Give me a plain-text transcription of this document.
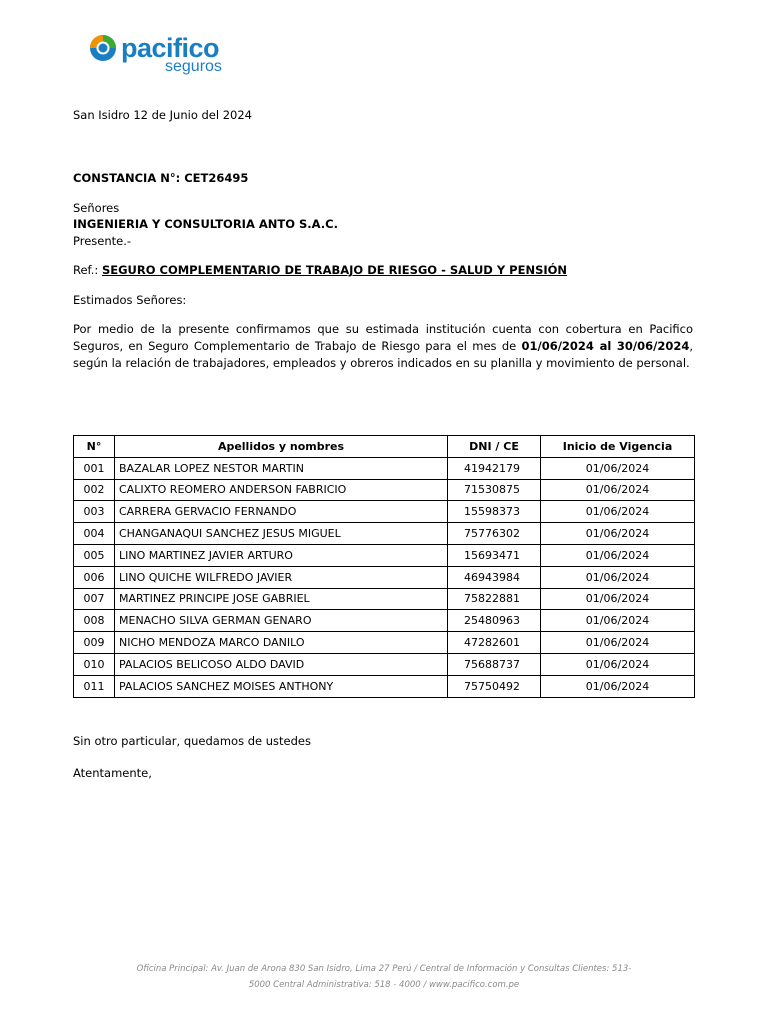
pacifico
seguros
San Isidro 12 de Junio del 2024
CONSTANCIA N°: CET26495
Señores
INGENIERIA Y CONSULTORIA ANTO S.A.C.
Presente.-
Ref.: SEGURO COMPLEMENTARIO DE TRABAJO DE RIESGO - SALUD Y PENSIÓN
Estimados Señores:
Por medio de la presente confirmamos que su estimada institución cuenta con cobertura en Pacifico Seguros, en Seguro Complementario de Trabajo de Riesgo para el mes de 01/06/2024 al 30/06/2024, según la relación de trabajadores, empleados y obreros indicados en su planilla y movimiento de personal.
N°	Apellidos y nombres	DNI / CE	Inicio de Vigencia
001	BAZALAR LOPEZ NESTOR MARTIN	41942179	01/06/2024
002	CALIXTO REOMERO ANDERSON FABRICIO	71530875	01/06/2024
003	CARRERA GERVACIO FERNANDO	15598373	01/06/2024
004	CHANGANAQUI SANCHEZ JESUS MIGUEL	75776302	01/06/2024
005	LINO MARTINEZ JAVIER ARTURO	15693471	01/06/2024
006	LINO QUICHE WILFREDO JAVIER	46943984	01/06/2024
007	MARTINEZ PRINCIPE JOSE GABRIEL	75822881	01/06/2024
008	MENACHO SILVA GERMAN GENARO	25480963	01/06/2024
009	NICHO MENDOZA MARCO DANILO	47282601	01/06/2024
010	PALACIOS BELICOSO ALDO DAVID	75688737	01/06/2024
011	PALACIOS SANCHEZ MOISES ANTHONY	75750492	01/06/2024
Sin otro particular, quedamos de ustedes
Atentamente,
Oficina Principal: Av. Juan de Arona 830 San Isidro, Lima 27 Perú / Central de Información y Consultas Clientes: 513-
5000 Central Administrativa: 518 - 4000 / www.pacifico.com.pe
